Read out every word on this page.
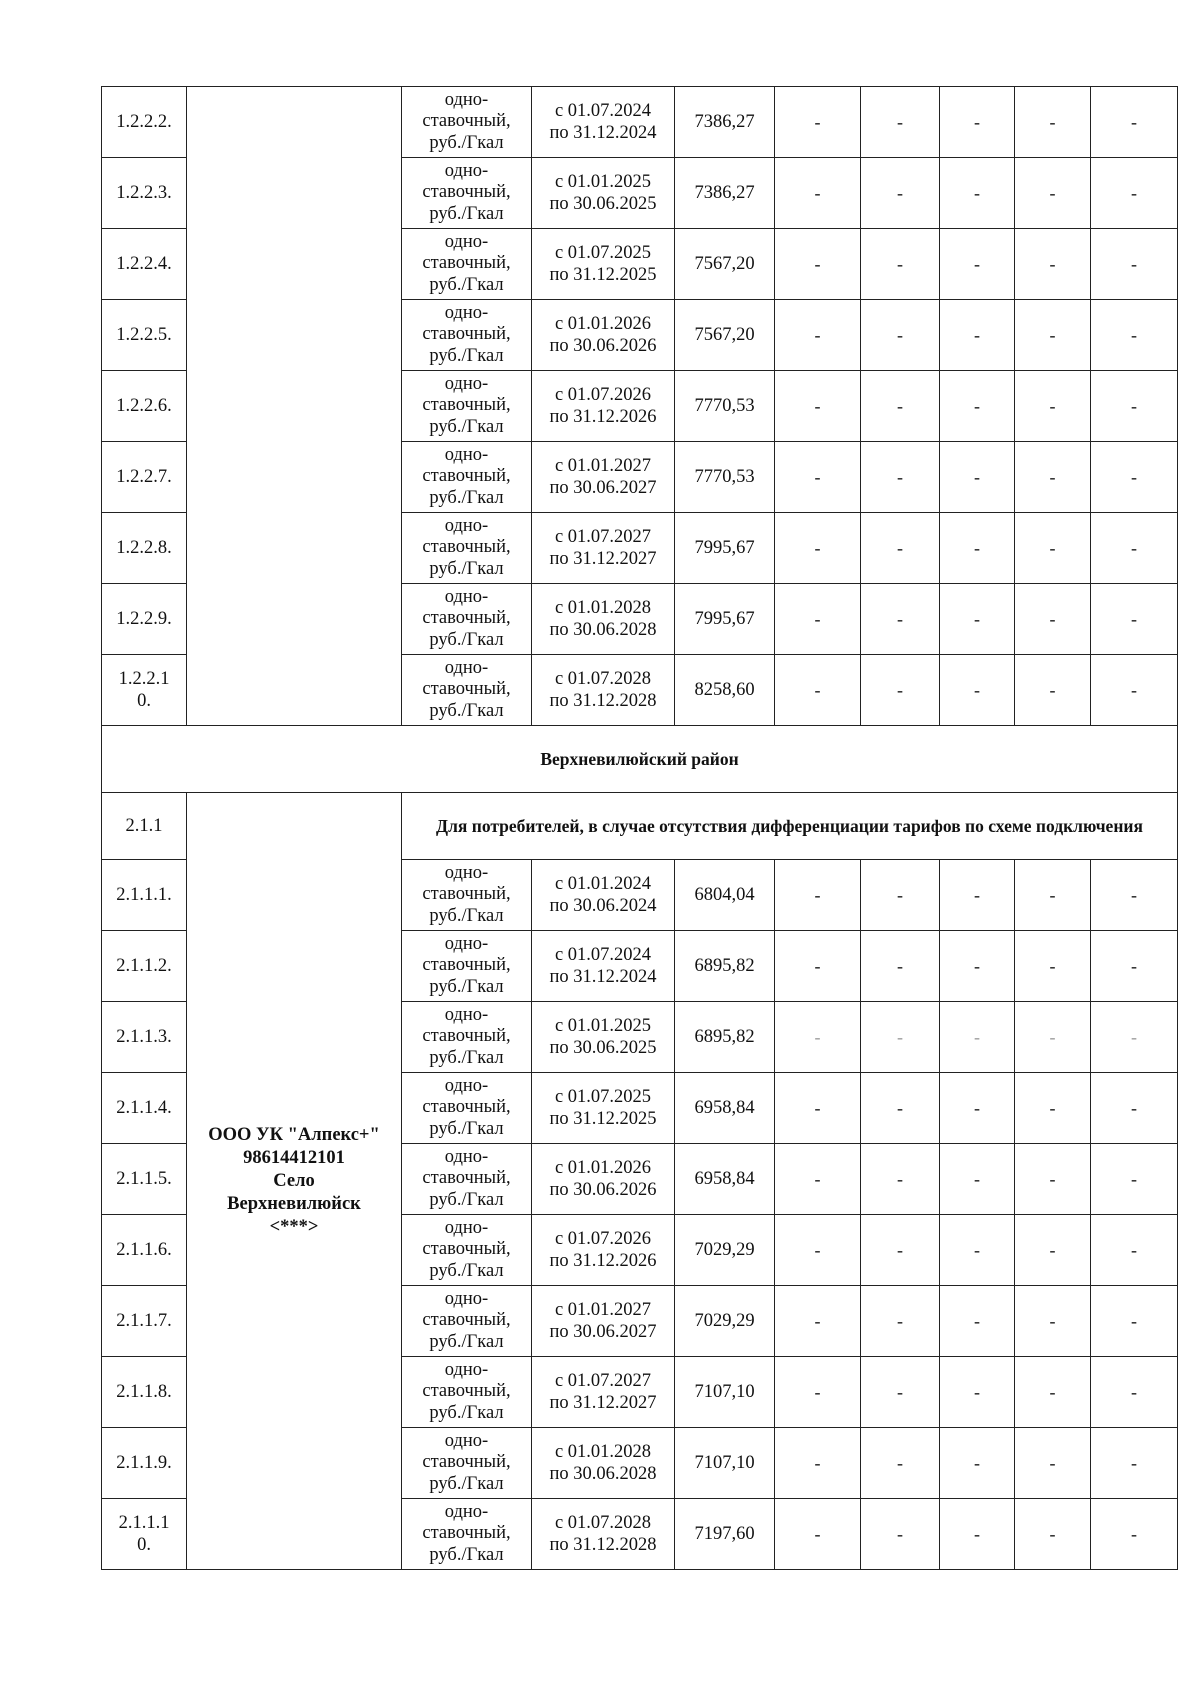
1.2.2.2.		одно-
ставочный,
руб./Гкал	с 01.07.2024
по 31.12.2024	7386,27	-	-	-	-	-
1.2.2.3.		одно-
ставочный,
руб./Гкал	с 01.01.2025
по 30.06.2025	7386,27	-	-	-	-	-
1.2.2.4.		одно-
ставочный,
руб./Гкал	с 01.07.2025
по 31.12.2025	7567,20	-	-	-	-	-
1.2.2.5.		одно-
ставочный,
руб./Гкал	с 01.01.2026
по 30.06.2026	7567,20	-	-	-	-	-
1.2.2.6.		одно-
ставочный,
руб./Гкал	с 01.07.2026
по 31.12.2026	7770,53	-	-	-	-	-
1.2.2.7.		одно-
ставочный,
руб./Гкал	с 01.01.2027
по 30.06.2027	7770,53	-	-	-	-	-
1.2.2.8.		одно-
ставочный,
руб./Гкал	с 01.07.2027
по 31.12.2027	7995,67	-	-	-	-	-
1.2.2.9.		одно-
ставочный,
руб./Гкал	с 01.01.2028
по 30.06.2028	7995,67	-	-	-	-	-
1.2.2.1
0.		одно-
ставочный,
руб./Гкал	с 01.07.2028
по 31.12.2028	8258,60	-	-	-	-	-
Верхневилюйский район									
2.1.1	ООО УК "Алпекс+"
98614412101
Село
Верхневилюйск
<***>	Для потребителей, в случае отсутствия дифференциации тарифов по схеме подключения							
2.1.1.1.		одно-
ставочный,
руб./Гкал	с 01.01.2024
по 30.06.2024	6804,04	-	-	-	-	-
2.1.1.2.		одно-
ставочный,
руб./Гкал	с 01.07.2024
по 31.12.2024	6895,82	-	-	-	-	-
2.1.1.3.		одно-
ставочный,
руб./Гкал	с 01.01.2025
по 30.06.2025	6895,82	-	-	-	-	-
2.1.1.4.		одно-
ставочный,
руб./Гкал	с 01.07.2025
по 31.12.2025	6958,84	-	-	-	-	-
2.1.1.5.		одно-
ставочный,
руб./Гкал	с 01.01.2026
по 30.06.2026	6958,84	-	-	-	-	-
2.1.1.6.		одно-
ставочный,
руб./Гкал	с 01.07.2026
по 31.12.2026	7029,29	-	-	-	-	-
2.1.1.7.		одно-
ставочный,
руб./Гкал	с 01.01.2027
по 30.06.2027	7029,29	-	-	-	-	-
2.1.1.8.		одно-
ставочный,
руб./Гкал	с 01.07.2027
по 31.12.2027	7107,10	-	-	-	-	-
2.1.1.9.		одно-
ставочный,
руб./Гкал	с 01.01.2028
по 30.06.2028	7107,10	-	-	-	-	-
2.1.1.1
0.		одно-
ставочный,
руб./Гкал	с 01.07.2028
по 31.12.2028	7197,60	-	-	-	-	-
